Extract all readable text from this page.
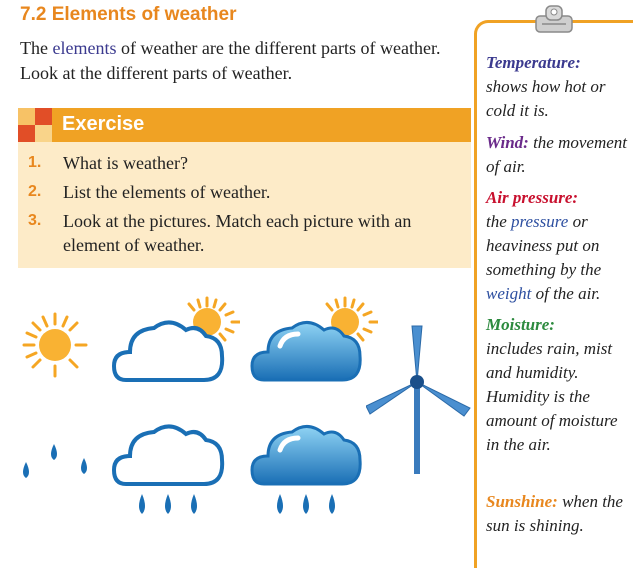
7.2 Elements of weather
The elements of weather are the different parts of weather. Look at the different parts of weather.
Exercise
1.	What is weather?
2.	List the elements of weather.
3.	Look at the pictures. Match each picture with an element of weather.
Temperature:
shows how hot or cold it is.
Wind: the movement of air.
Air pressure:
the pressure or heaviness put on something by the weight of the air.
Moisture:
includes rain, mist and humidity. Humidity is the amount of moisture in the air.
Sunshine: when the sun is shining.
